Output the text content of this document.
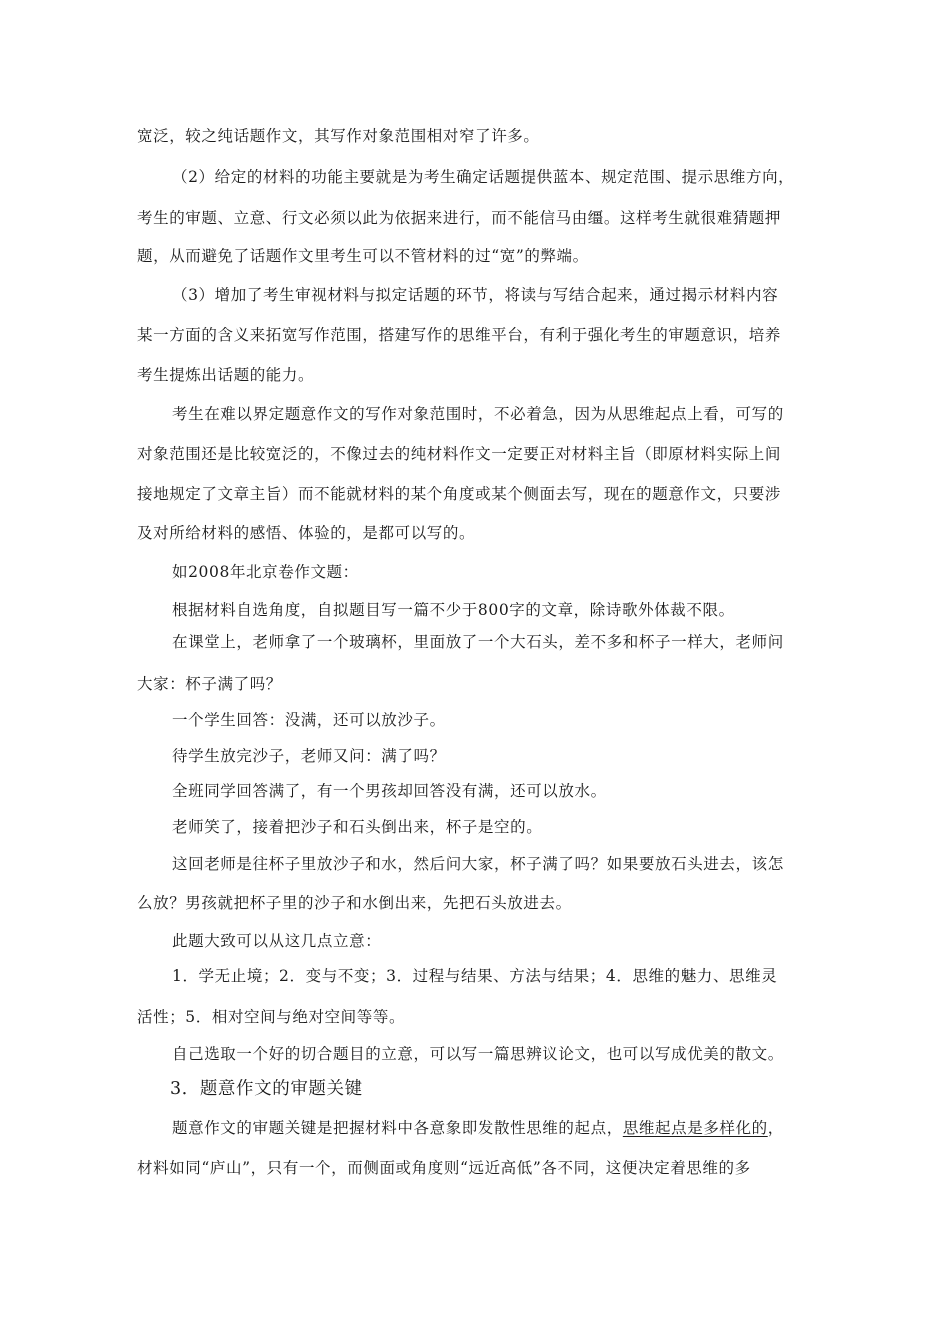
宽泛，较之纯话题作文，其写作对象范围相对窄了许多。
（2）给定的材料的功能主要就是为考生确定话题提供蓝本、规定范围、提示思维方向，
考生的审题、立意、行文必须以此为依据来进行，而不能信马由缰。这样考生就很难猜题押
题，从而避免了话题作文里考生可以不管材料的过“宽”的弊端。
（3）增加了考生审视材料与拟定话题的环节，将读与写结合起来，通过揭示材料内容
某一方面的含义来拓宽写作范围，搭建写作的思维平台，有利于强化考生的审题意识，培养
考生提炼出话题的能力。
考生在难以界定题意作文的写作对象范围时，不必着急，因为从思维起点上看，可写的
对象范围还是比较宽泛的，不像过去的纯材料作文一定要正对材料主旨（即原材料实际上间
接地规定了文章主旨）而不能就材料的某个角度或某个侧面去写，现在的题意作文，只要涉
及对所给材料的感悟、体验的，是都可以写的。
如2008年北京卷作文题：
根据材料自选角度，自拟题目写一篇不少于800字的文章，除诗歌外体裁不限。
在课堂上，老师拿了一个玻璃杯，里面放了一个大石头，差不多和杯子一样大，老师问
大家：杯子满了吗？
一个学生回答：没满，还可以放沙子。
待学生放完沙子，老师又问：满了吗？
全班同学回答满了，有一个男孩却回答没有满，还可以放水。
老师笑了，接着把沙子和石头倒出来，杯子是空的。
这回老师是往杯子里放沙子和水，然后问大家，杯子满了吗？如果要放石头进去，该怎
么放？男孩就把杯子里的沙子和水倒出来，先把石头放进去。
此题大致可以从这几点立意：
1．学无止境；2．变与不变；3．过程与结果、方法与结果；4．思维的魅力、思维灵
活性；5．相对空间与绝对空间等等。
自己选取一个好的切合题目的立意，可以写一篇思辨议论文，也可以写成优美的散文。
3．题意作文的审题关键
题意作文的审题关键是把握材料中各意象即发散性思维的起点，思维起点是多样化的，
材料如同“庐山”，只有一个，而侧面或角度则“远近高低”各不同，这便决定着思维的多
